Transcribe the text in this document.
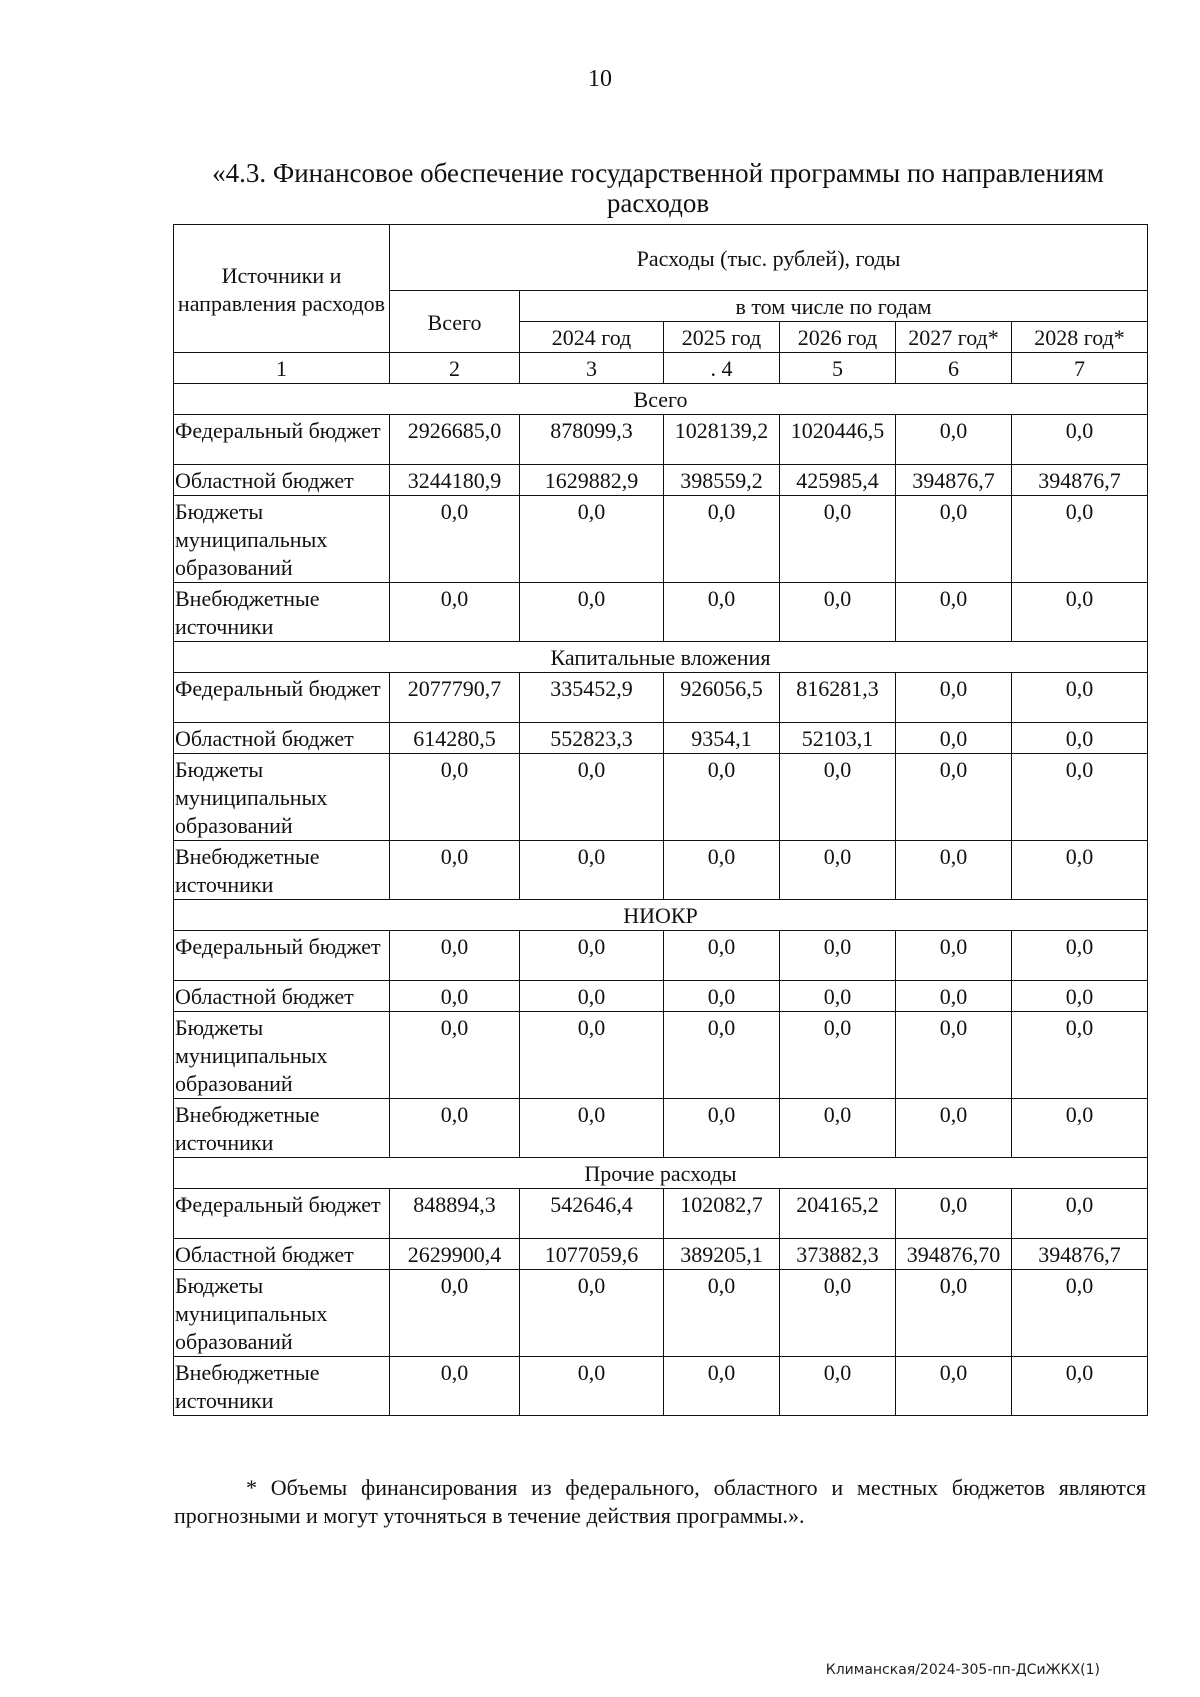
10
«4.3. Финансовое обеспечение государственной программы по направлениям расходов
Источники и направления расходов	Расходы (тыс. рублей), годы					
	Всего	в том числе по годам				
		2024 год	2025 год	2026 год	2027 год*	2028 год*
1	2	3	. 4	5	6	7
Всего						
Федеральный бюджет	2926685,0	878099,3	1028139,2	1020446,5	0,0	0,0
Областной бюджет	3244180,9	1629882,9	398559,2	425985,4	394876,7	394876,7
Бюджеты муниципальных образований	0,0	0,0	0,0	0,0	0,0	0,0
Внебюджетные источники	0,0	0,0	0,0	0,0	0,0	0,0
Капитальные вложения						
Федеральный бюджет	2077790,7	335452,9	926056,5	816281,3	0,0	0,0
Областной бюджет	614280,5	552823,3	9354,1	52103,1	0,0	0,0
Бюджеты муниципальных образований	0,0	0,0	0,0	0,0	0,0	0,0
Внебюджетные источники	0,0	0,0	0,0	0,0	0,0	0,0
НИОКР						
Федеральный бюджет	0,0	0,0	0,0	0,0	0,0	0,0
Областной бюджет	0,0	0,0	0,0	0,0	0,0	0,0
Бюджеты муниципальных образований	0,0	0,0	0,0	0,0	0,0	0,0
Внебюджетные источники	0,0	0,0	0,0	0,0	0,0	0,0
Прочие расходы						
Федеральный бюджет	848894,3	542646,4	102082,7	204165,2	0,0	0,0
Областной бюджет	2629900,4	1077059,6	389205,1	373882,3	394876,70	394876,7
Бюджеты муниципальных образований	0,0	0,0	0,0	0,0	0,0	0,0
Внебюджетные источники	0,0	0,0	0,0	0,0	0,0	0,0
* Объемы финансирования из федерального, областного и местных бюджетов являются прогнозными и могут уточняться в течение действия программы.».
Климанская/2024-305-пп-ДСиЖКХ(1)
